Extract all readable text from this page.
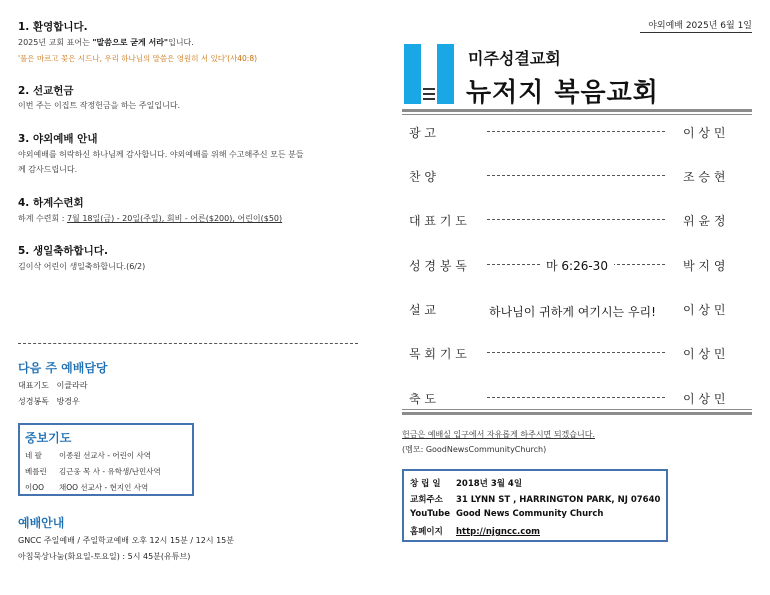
야외예배 2025년 6월 1일
1. 환영합니다.
2025년 교회 표어는 "말씀으로 굳게 서라"입니다.
'풀은 마르고 꽃은 시드나, 우리 하나님의 말씀은 영원히 서 있다'(사40:8)
2. 선교헌금
이번 주는 이집트 작정헌금을 하는 주일입니다.
3. 야외예배 안내
야외예배를 허락하신 하나님께 감사합니다. 야외예배를 위해 수고해주신 모든 분들
께 감사드립니다.
4. 하계수련회
하계 수련회 : 7월 18일(금) - 20일(주일), 회비 - 어른($200), 어린이($50)
5. 생일축하합니다.
김이삭 어린이 생일축하합니다.(6/2)
다음 주 예배담당
대표기도 이클라라
성경봉독 방경우
중보기도
네 팔 이종원 선교사 - 어린이 사역
베를린 김근웅 목 사 - 유학생/난민사역
이OO 채OO 선교사 - 현지인 사역
예배안내
GNCC 주일예배 / 주일학교예배 오후 12시 15분 / 12시 15분
아침묵상나눔(화요일-토요일) : 5시 45분(유튜브)
미주성결교회
뉴저지 복음교회
광 고	이 상 민
찬 양	조 승 현
대 표 기 도	위 윤 정
성 경 봉 독	마 6:26-30	박 지 영
설 교	하나님이 귀하게 여기시는 우리! 이 상 민
목 회 기 도	이 상 민
축 도	이 상 민
헌금은 예배실 입구에서 자유롭게 하주시면 되겠습니다.
(멤모: GoodNewsCommunityChurch)
창 립 일 2018년 3월 4일
교회주소 31 LYNN ST , HARRINGTON PARK, NJ 07640
YouTube Good News Community Church
홈페이지 http://njgncc.com
